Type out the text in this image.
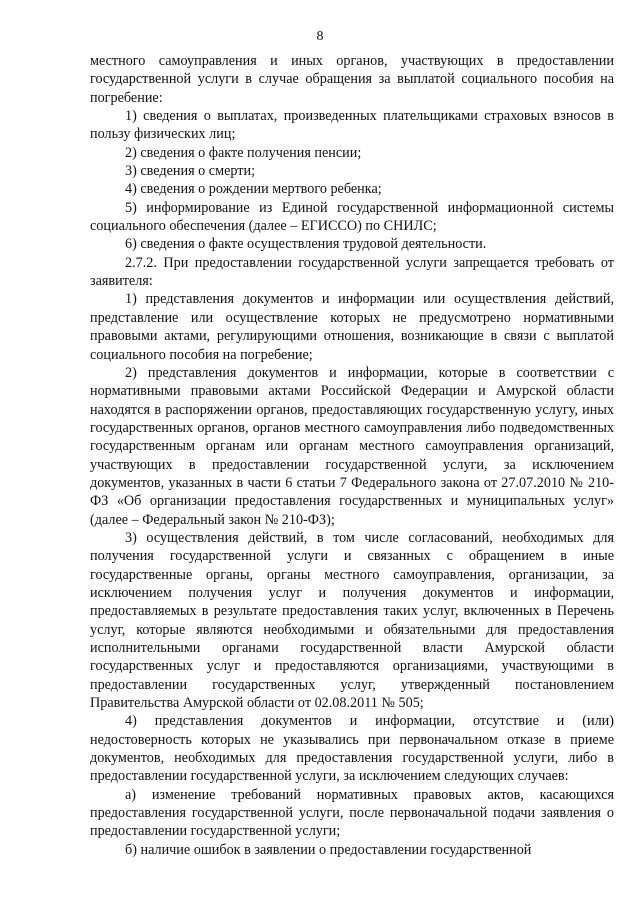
8

местного самоуправления и иных органов, участвующих в предоставлении государственной услуги в случае обращения за выплатой социального пособия на погребение:

1) сведения о выплатах, произведенных плательщиками страховых взносов в пользу физических лиц;

2) сведения о факте получения пенсии;

3) сведения о смерти;

4) сведения о рождении мертвого ребенка;

5) информирование из Единой государственной информационной системы социального обеспечения (далее – ЕГИССО) по СНИЛС;

6) сведения о факте осуществления трудовой деятельности.

2.7.2. При предоставлении государственной услуги запрещается требовать от заявителя:

1) представления документов и информации или осуществления действий, представление или осуществление которых не предусмотрено нормативными правовыми актами, регулирующими отношения, возникающие в связи с выплатой социального пособия на погребение;

2) представления документов и информации, которые в соответствии с нормативными правовыми актами Российской Федерации и Амурской области находятся в распоряжении органов, предоставляющих государственную услугу, иных государственных органов, органов местного самоуправления либо подведомственных государственным органам или органам местного самоуправления организаций, участвующих в предоставлении государственной услуги, за исключением документов, указанных в части 6 статьи 7 Федерального закона от 27.07.2010 № 210-ФЗ «Об организации предоставления государственных и муниципальных услуг» (далее – Федеральный закон № 210-ФЗ);

3) осуществления действий, в том числе согласований, необходимых для получения государственной услуги и связанных с обращением в иные государственные органы, органы местного самоуправления, организации, за исключением получения услуг и получения документов и информации, предоставляемых в результате предоставления таких услуг, включенных в Перечень услуг, которые являются необходимыми и обязательными для предоставления исполнительными органами государственной власти Амурской области государственных услуг и предоставляются организациями, участвующими в предоставлении государственных услуг, утвержденный постановлением Правительства Амурской области от 02.08.2011 № 505;

4) представления документов и информации, отсутствие и (или) недостоверность которых не указывались при первоначальном отказе в приеме документов, необходимых для предоставления государственной услуги, либо в предоставлении государственной услуги, за исключением следующих случаев:

а) изменение требований нормативных правовых актов, касающихся предоставления государственной услуги, после первоначальной подачи заявления о предоставлении государственной услуги;

б) наличие ошибок в заявлении о предоставлении государственной
